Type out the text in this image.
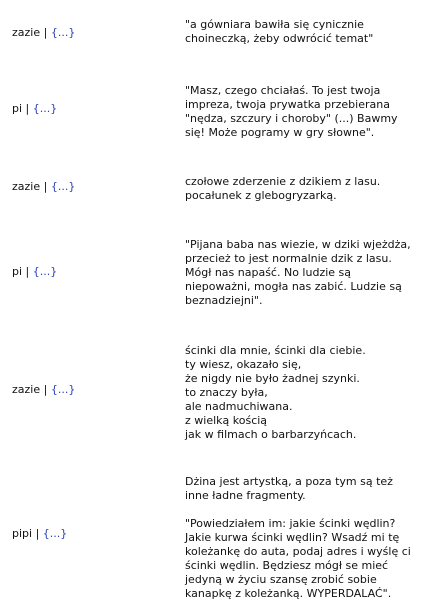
zazie | {...}
"a gówniara bawiła się cynicznie choineczką, żeby odwrócić temat"
pi | {...}
"Masz, czego chciałaś. To jest twoja impreza, twoja prywatka przebierana "nędza, szczury i choroby" (...) Bawmy się! Może pogramy w gry słowne".
zazie | {...}	czołowe zderzenie z dzikiem z lasu.
pocałunek z glebogryzarką.
pi | {...}
"Pijana baba nas wiezie, w dziki wjeżdża, przecież to jest normalnie dzik z lasu. Mógł nas napaść. No ludzie są niepoważni, mogła nas zabić. Ludzie są beznadziejni".
zazie | {...}
ścinki dla mnie, ścinki dla ciebie.
ty wiesz, okazało się,
że nigdy nie było żadnej szynki.
to znaczy była,
ale nadmuchiwana.
z wielką kością
jak w filmach o barbarzyńcach.
pipi | {...}
Dżina jest artystką, a poza tym są też inne ładne fragmenty.

"Powiedziałem im: jakie ścinki wędlin? Jakie kurwa ścinki wędlin? Wsadź mi tę koleżankę do auta, podaj adres i wyślę ci ścinki wędlin. Będziesz mógł se mieć jedyną w życiu szansę zrobić sobie kanapkę z koleżanką. WYPERDALAĆ".
